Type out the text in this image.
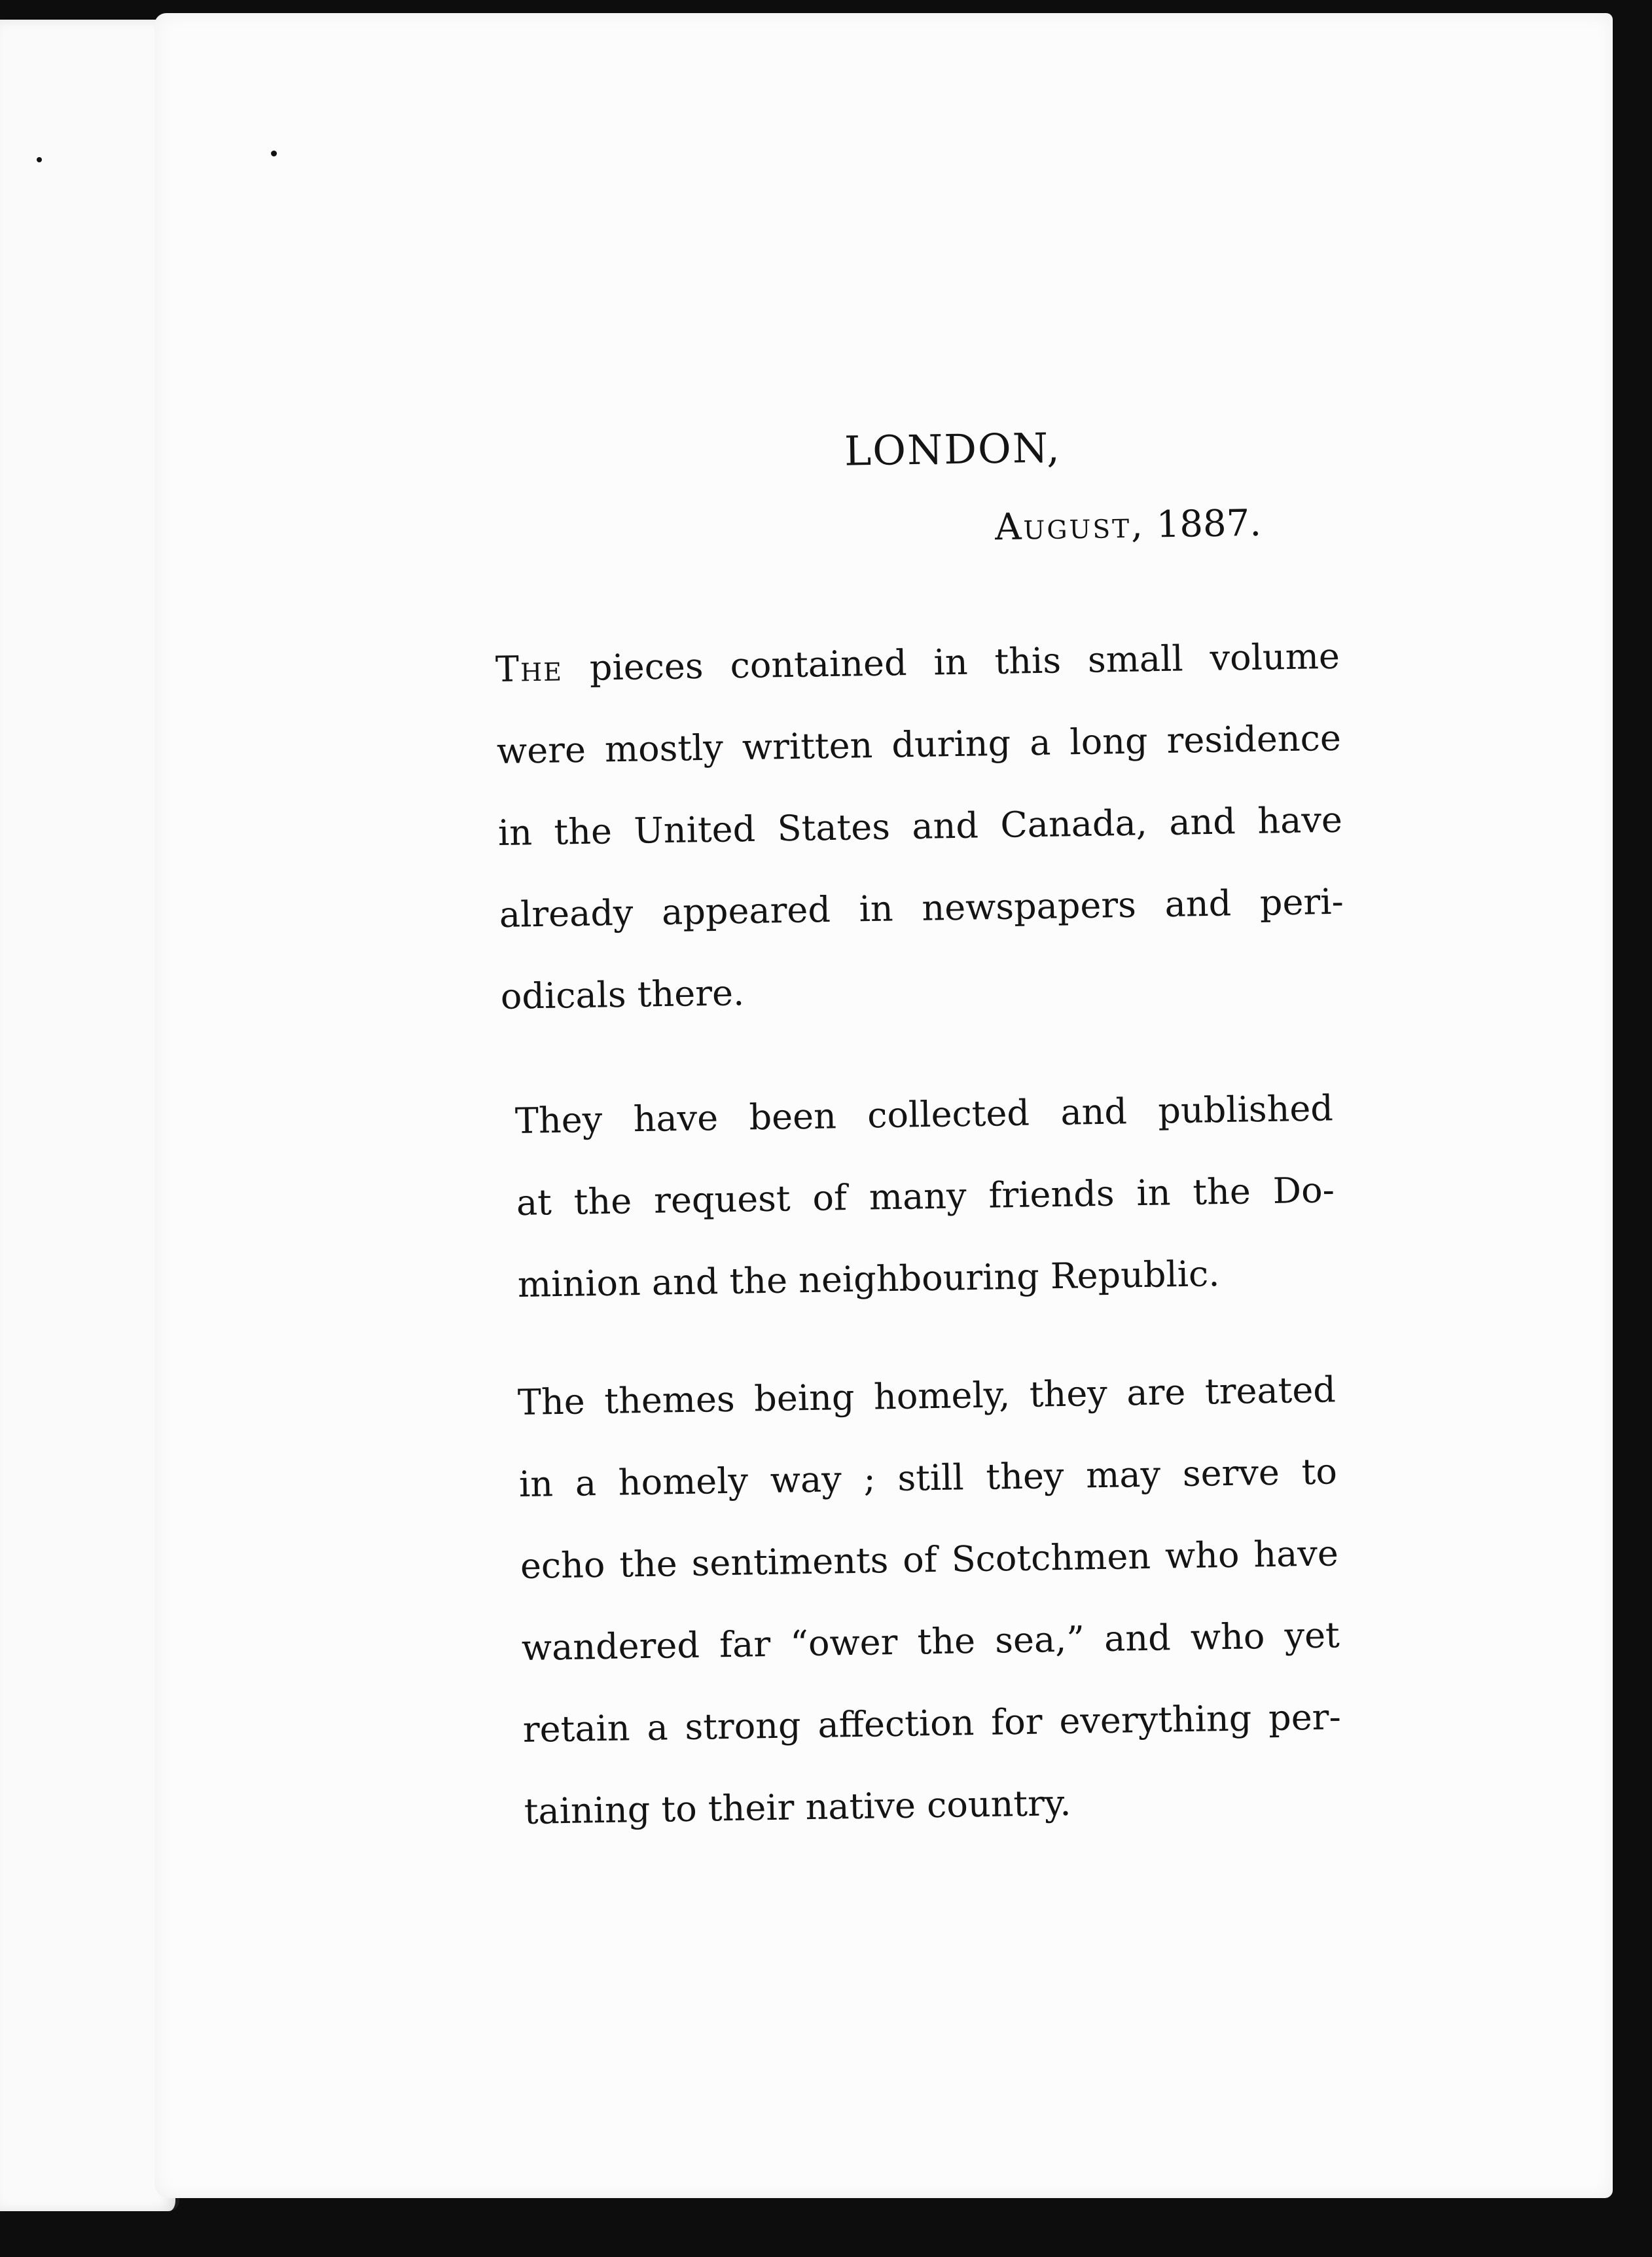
LONDON,
August, 1887.
The pieces contained in this small volume
were mostly written during a long residence
in the United States and Canada, and have
already appeared in newspapers and peri-
odicals there.
They have been collected and published
at the request of many friends in the Do-
minion and the neighbouring Republic.
The themes being homely, they are treated
in a homely way ; still they may serve to
echo the sentiments of Scotchmen who have
wandered far “ower the sea,” and who yet
retain a strong affection for everything per-
taining to their native country.
